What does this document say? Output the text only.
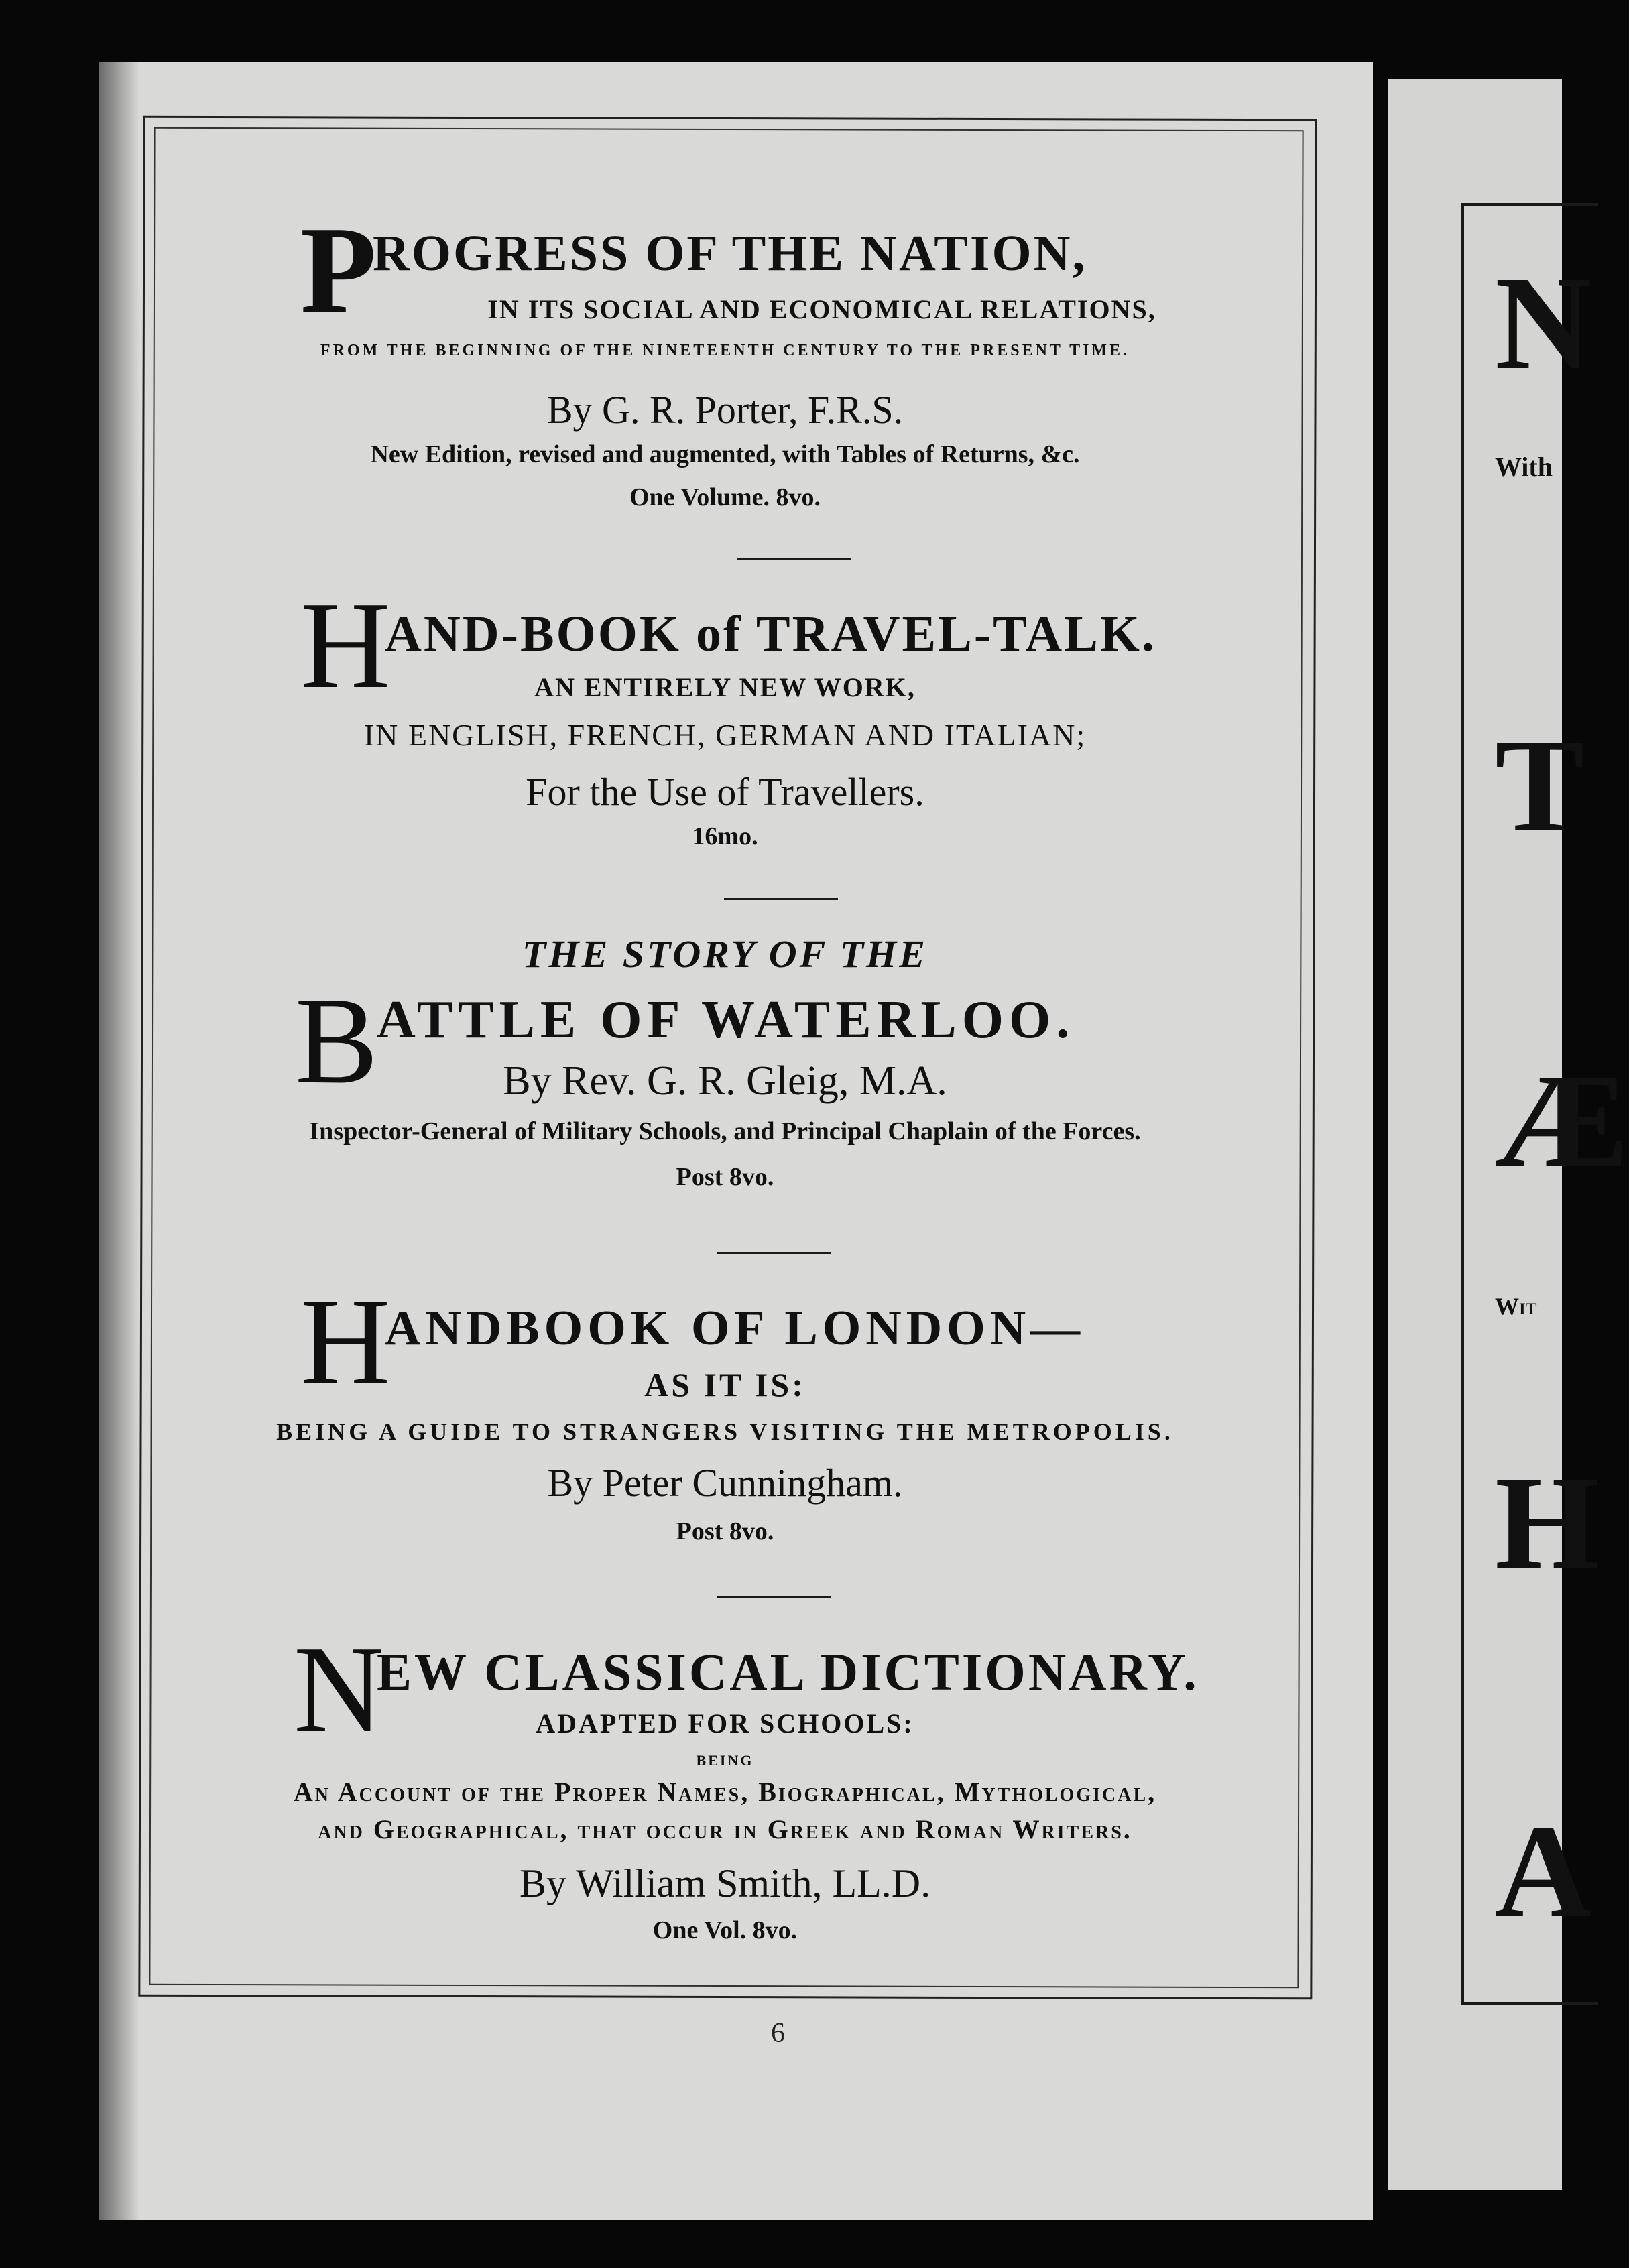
N
With
T
Æ
Wit
H
A
P
ROGRESS OF THE NATION,

IN ITS SOCIAL AND ECONOMICAL RELATIONS,

FROM THE BEGINNING OF THE NINETEENTH CENTURY TO THE PRESENT TIME.

By G. R. Porter, F.R.S.

New Edition, revised and augmented, with Tables of Returns, &c.

One Volume. 8vo.

H
AND-BOOK of TRAVEL-TALK.

AN ENTIRELY NEW WORK,

IN ENGLISH, FRENCH, GERMAN AND ITALIAN;

For the Use of Travellers.

16mo.

THE STORY OF THE

B
ATTLE OF WATERLOO.

By Rev. G. R. Gleig, M.A.

Inspector-General of Military Schools, and Principal Chaplain of the Forces.

Post 8vo.

H
ANDBOOK OF LONDON—

AS IT IS:

BEING A GUIDE TO STRANGERS VISITING THE METROPOLIS.

By Peter Cunningham.

Post 8vo.

N
EW CLASSICAL DICTIONARY.

ADAPTED FOR SCHOOLS:

BEING

An Account of the Proper Names, Biographical, Mythological,

and Geographical, that occur in Greek and Roman Writers.

By William Smith, LL.D.

One Vol. 8vo.

6
